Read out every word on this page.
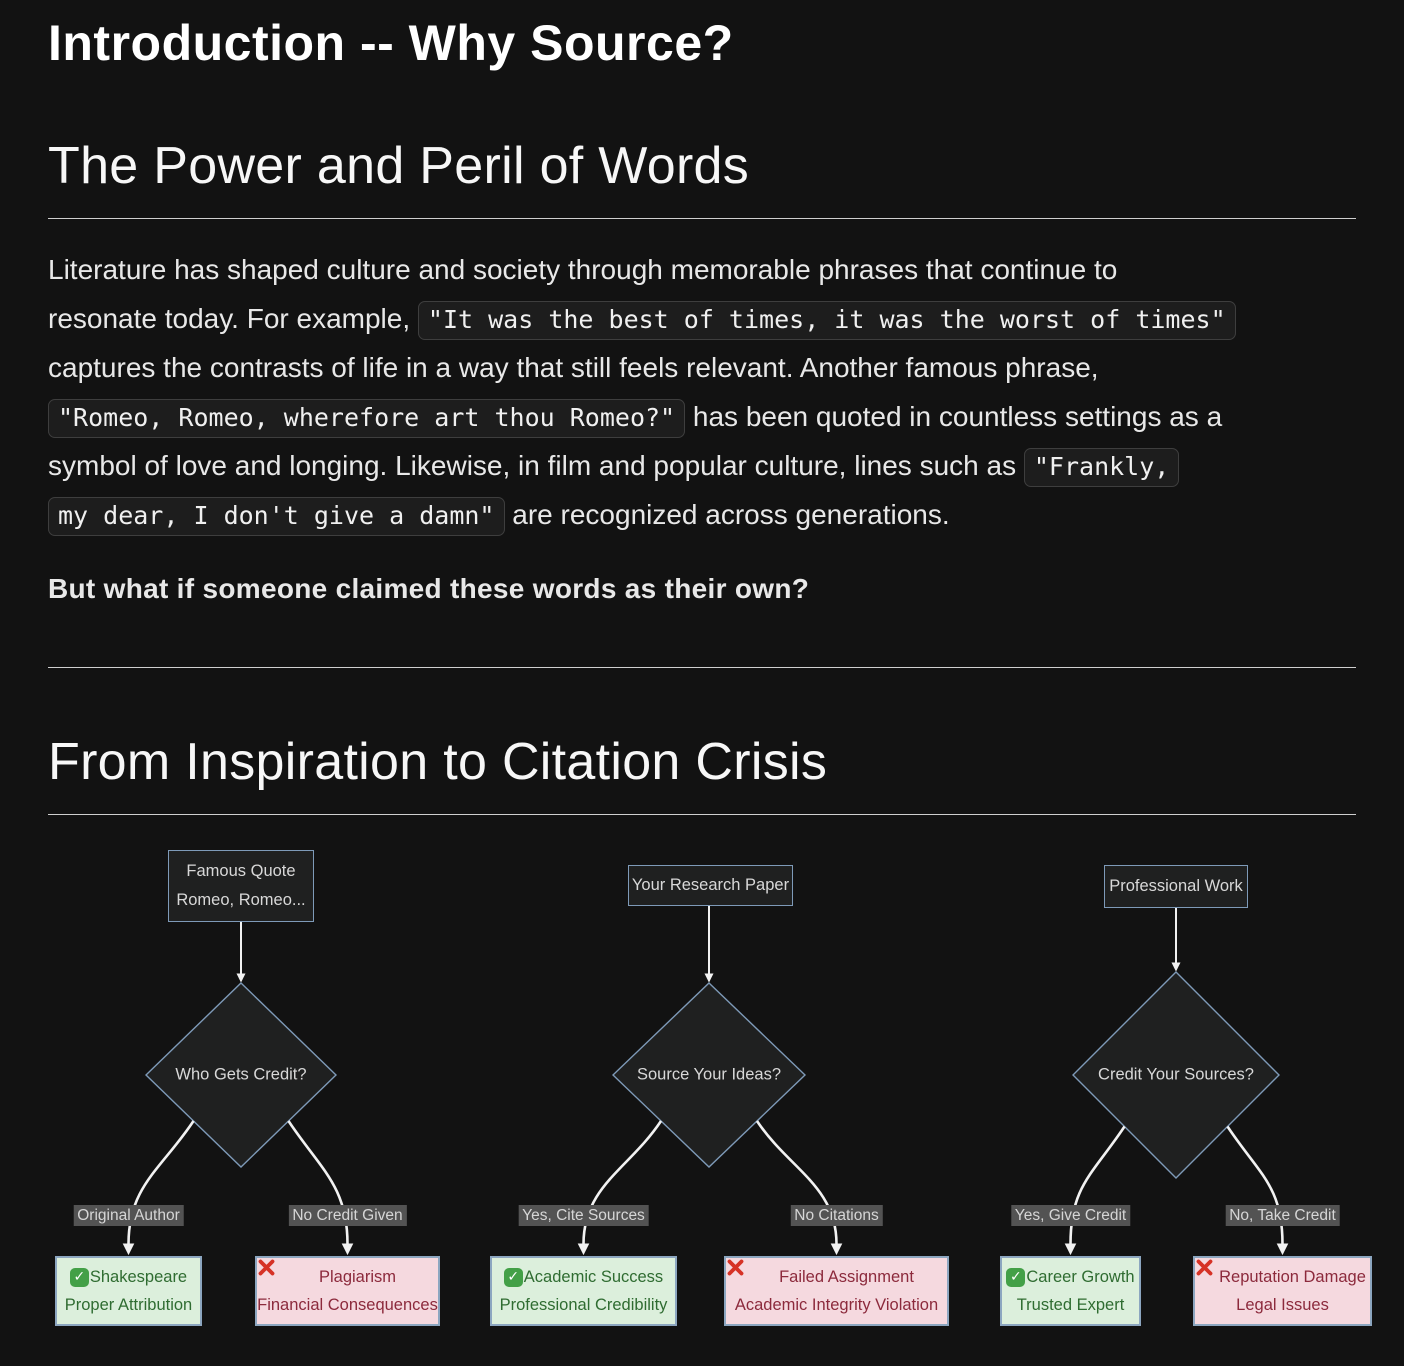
Introduction -- Why Source?
The Power and Peril of Words

Literature has shaped culture and society through memorable phrases that continue to
resonate today. For example, "It was the best of times, it was the worst of times"
captures the contrasts of life in a way that still feels relevant. Another famous phrase,
"Romeo, Romeo, wherefore art thou Romeo?" has been quoted in countless settings as a
symbol of love and longing. Likewise, in film and popular culture, lines such as "Frankly,
my dear, I don't give a damn" are recognized across generations.

But what if someone claimed these words as their own?

From Inspiration to Citation Crisis
Famous Quote
Romeo, Romeo...
Who Gets Credit?
Original Author
✓ Shakespeare
Proper Attribution
No Credit Given
Plagiarism
Financial Consequences
Your Research Paper
Source Your Ideas?
Yes, Cite Sources
✓ Academic Success
Professional Credibility
No Citations
Failed Assignment
Academic Integrity Violation
Professional Work
Credit Your Sources?
Yes, Give Credit
✓ Career Growth
Trusted Expert
No, Take Credit
Reputation Damage
Legal Issues
